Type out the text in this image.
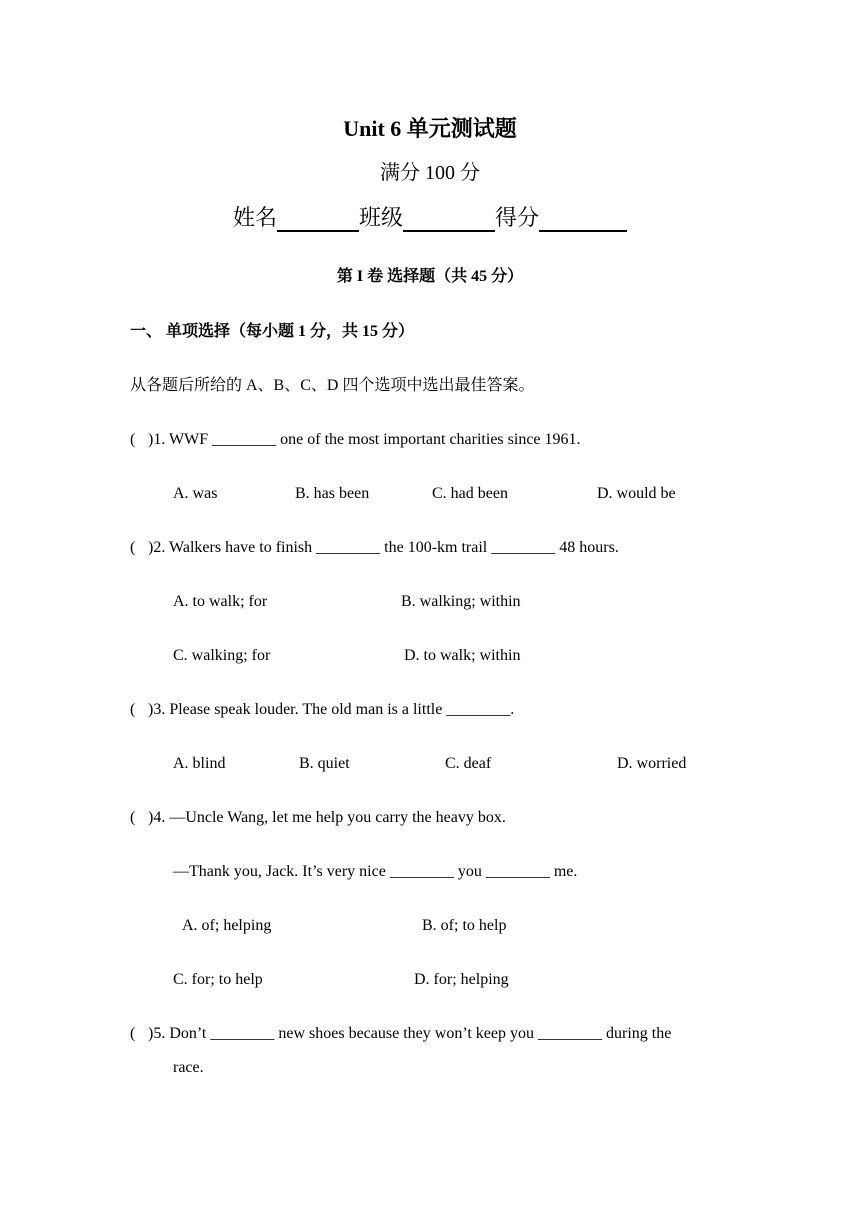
Unit 6 单元测试题
满分 100 分
姓名	班级	得分
第 I 卷 选择题（共 45 分）
一、 单项选择（每小题 1 分，共 15 分）
从各题后所给的 A、B、C、D 四个选项中选出最佳答案。
( )1. WWF ________ one of the most important charities since 1961.
A. was	B. has been	C. had been	D. would be
( )2. Walkers have to finish ________ the 100-km trail ________ 48 hours.
A. to walk; for	B. walking; within
C. walking; for	D. to walk; within
( )3. Please speak louder. The old man is a little ________.
A. blind	B. quiet	C. deaf	D. worried
( )4. —Uncle Wang, let me help you carry the heavy box.
—Thank you, Jack. It’s very nice ________ you ________ me.
A. of; helping	B. of; to help
C. for; to help	D. for; helping
( )5. Don’t ________ new shoes because they won’t keep you ________ during the
race.
